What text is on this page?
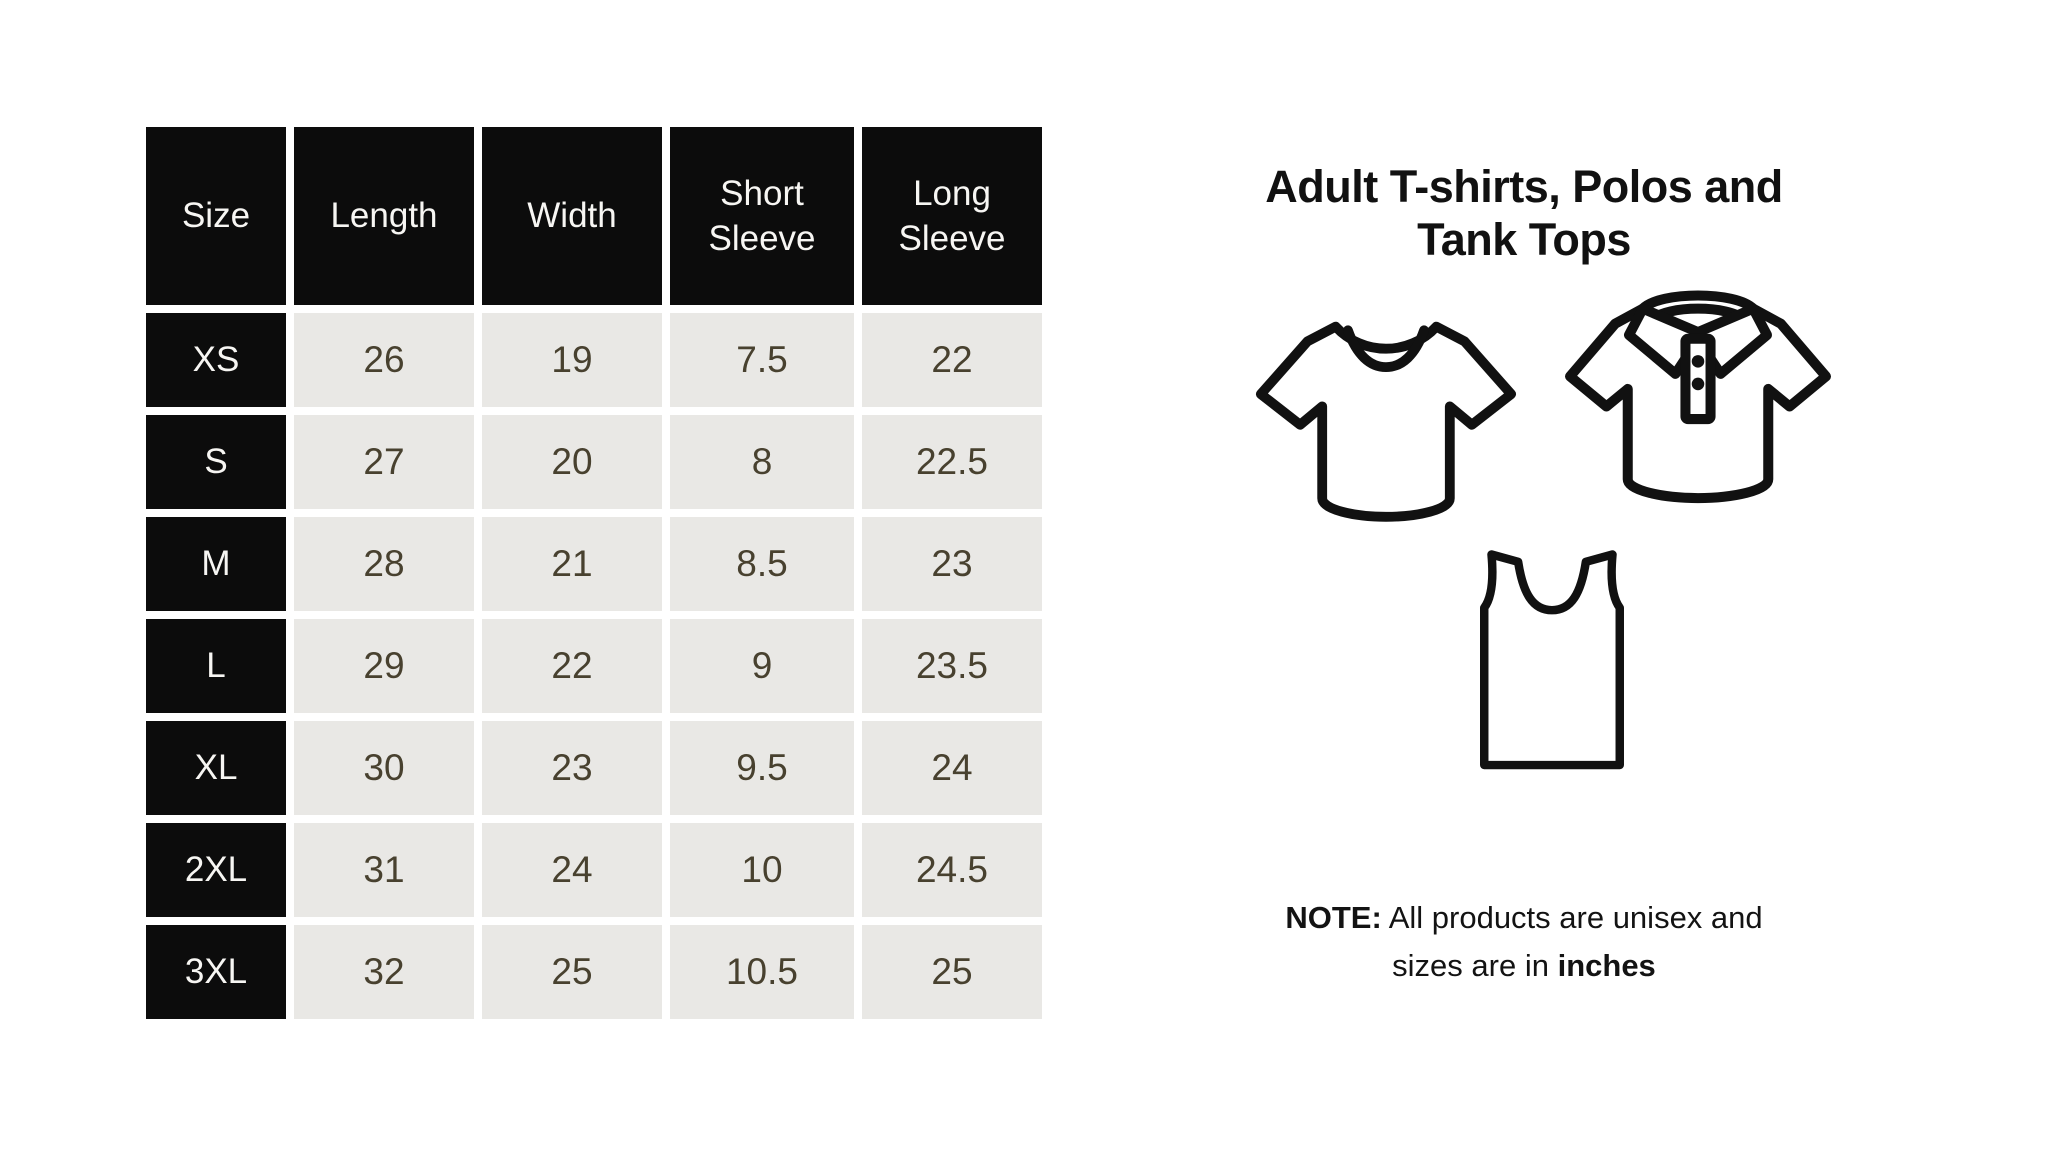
Size	Length	Width	Short Sleeve	Long Sleeve
XS	26	19	7.5	22
S	27	20	8	22.5
M	28	21	8.5	23
L	29	22	9	23.5
XL	30	23	9.5	24
2XL	31	24	10	24.5
3XL	32	25	10.5	25
Adult T-shirts, Polos and
Tank Tops

NOTE: All products are unisex and
sizes are in inches
